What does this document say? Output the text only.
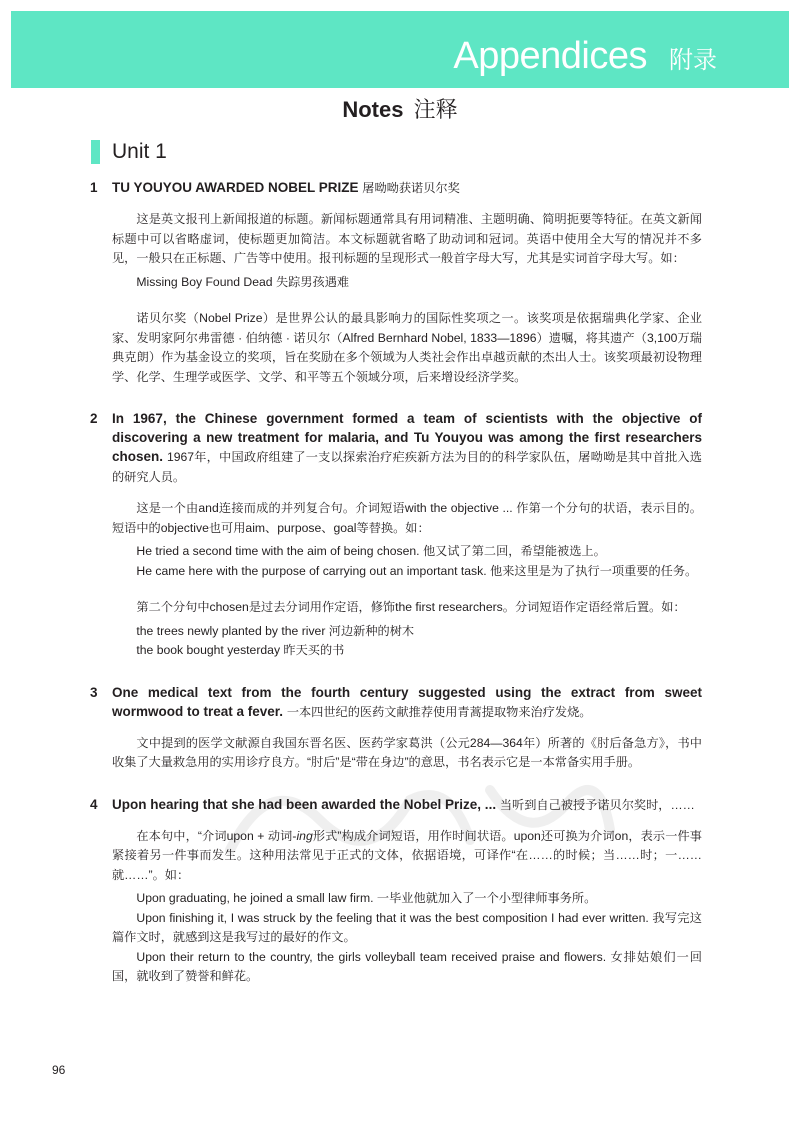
Appendices 附录
Notes 注释
Unit 1
1 TU YOUYOU AWARDED NOBEL PRIZE 屠呦呦获诺贝尔奖

这是英文报刊上新闻报道的标题。新闻标题通常具有用词精准、主题明确、简明扼要等特征。在英文新闻标题中可以省略虚词，使标题更加简洁。本文标题就省略了助动词和冠词。英语中使用全大写的情况并不多见，一般只在正标题、广告等中使用。报刊标题的呈现形式一般首字母大写，尤其是实词首字母大写。如：

Missing Boy Found Dead 失踪男孩遇难

诺贝尔奖（Nobel Prize）是世界公认的最具影响力的国际性奖项之一。该奖项是依据瑞典化学家、企业家、发明家阿尔弗雷德 · 伯纳德 · 诺贝尔（Alfred Bernhard Nobel, 1833—1896）遗嘱，将其遗产（3,100万瑞典克朗）作为基金设立的奖项，旨在奖励在多个领域为人类社会作出卓越贡献的杰出人士。该奖项最初设物理学、化学、生理学或医学、文学、和平等五个领域分项，后来增设经济学奖。

2 In 1967, the Chinese government formed a team of scientists with the objective of discovering a new treatment for malaria, and Tu Youyou was among the first researchers chosen. 1967年，中国政府组建了一支以探索治疗疟疾新方法为目的的科学家队伍，屠呦呦是其中首批入选的研究人员。

这是一个由and连接而成的并列复合句。介词短语with the objective ... 作第一个分句的状语，表示目的。短语中的objective也可用aim、purpose、goal等替换。如：

He tried a second time with the aim of being chosen. 他又试了第二回，希望能被选上。

He came here with the purpose of carrying out an important task. 他来这里是为了执行一项重要的任务。

第二个分句中chosen是过去分词用作定语，修饰the first researchers。分词短语作定语经常后置。如：

the trees newly planted by the river 河边新种的树木

the book bought yesterday 昨天买的书

3 One medical text from the fourth century suggested using the extract from sweet wormwood to treat a fever. 一本四世纪的医药文献推荐使用青蒿提取物来治疗发烧。

文中提到的医学文献源自我国东晋名医、医药学家葛洪（公元284—364年）所著的《肘后备急方》，书中收集了大量救急用的实用诊疗良方。“肘后”是“带在身边”的意思，书名表示它是一本常备实用手册。

4 Upon hearing that she had been awarded the Nobel Prize, ... 当听到自己被授予诺贝尔奖时，……

在本句中，“介词upon + 动词-ing形式”构成介词短语，用作时间状语。upon还可换为介词on，表示一件事紧接着另一件事而发生。这种用法常见于正式的文体，依据语境，可译作“在……的时候；当……时；一……就……”。如：

Upon graduating, he joined a small law firm. 一毕业他就加入了一个小型律师事务所。

Upon finishing it, I was struck by the feeling that it was the best composition I had ever written. 我写完这篇作文时，就感到这是我写过的最好的作文。

Upon their return to the country, the girls volleyball team received praise and flowers. 女排姑娘们一回国，就收到了赞誉和鲜花。

96
